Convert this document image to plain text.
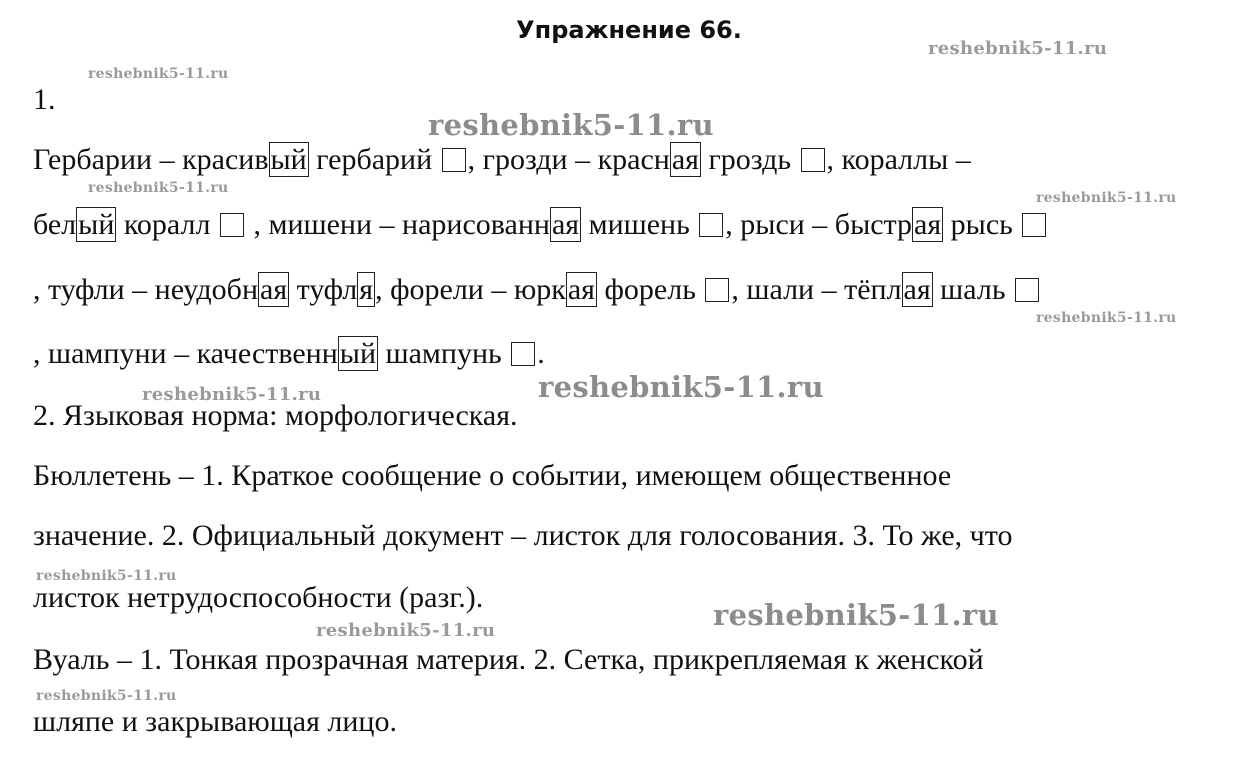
Упражнение 66.
1.
Гербарии – красивый гербарий , грозди – красная гроздь , кораллы –
белый коралл  , мишени – нарисованная мишень , рыси – быстрая рысь
, туфли – неудобная туфля, форели – юркая форель , шали – тёплая шаль
, шампуни – качественный шампунь .
2. Языковая норма: морфологическая.
Бюллетень – 1. Краткое сообщение о событии, имеющем общественное
значение. 2. Официальный документ – листок для голосования. 3. То же, что
листок нетрудоспособности (разг.).
Вуаль – 1. Тонкая прозрачная материя. 2. Сетка, прикрепляемая к женской
шляпе и закрывающая лицо.
reshebnik5-11.ru
reshebnik5-11.ru
reshebnik5-11.ru
reshebnik5-11.ru
reshebnik5-11.ru
reshebnik5-11.ru
reshebnik5-11.ru	reshebnik5-11.ru
reshebnik5-11.ru
reshebnik5-11.ru
reshebnik5-11.ru
reshebnik5-11.ru
